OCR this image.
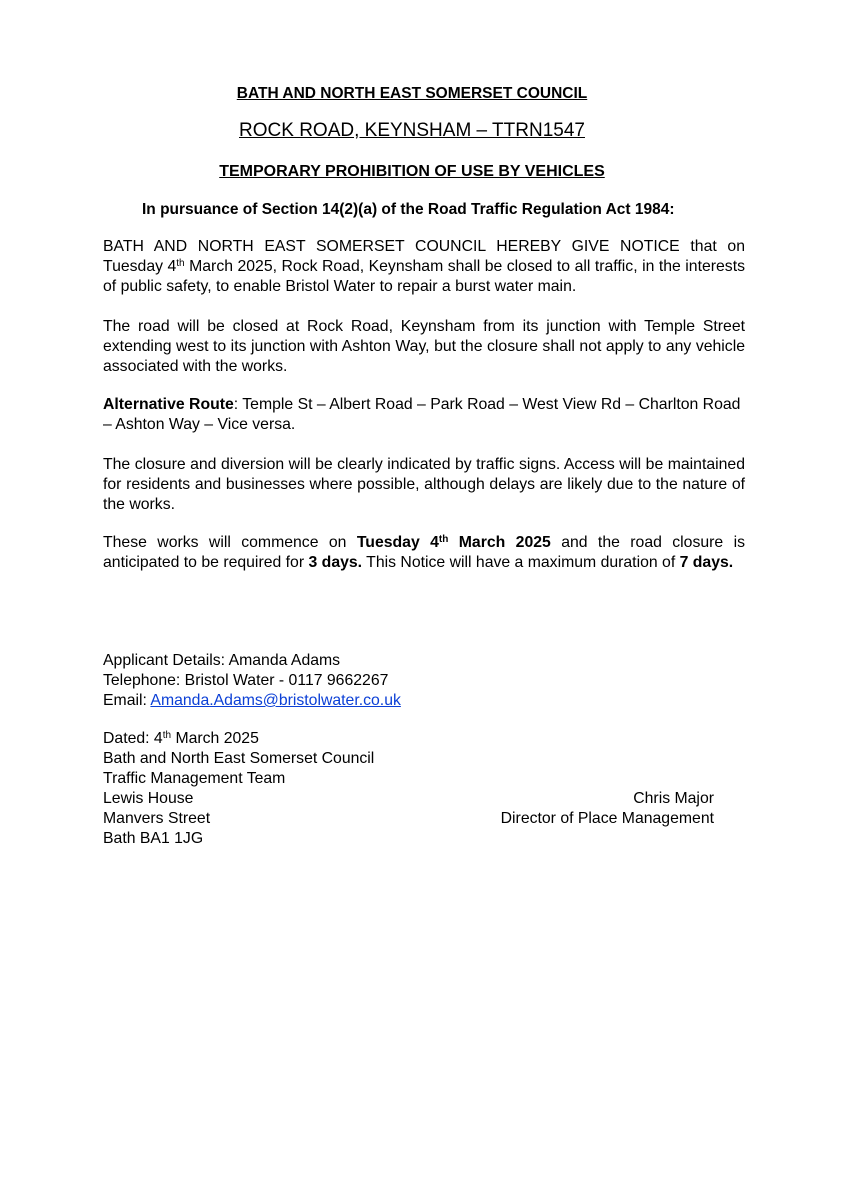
BATH AND NORTH EAST SOMERSET COUNCIL
ROCK ROAD, KEYNSHAM – TTRN1547
TEMPORARY PROHIBITION OF USE BY VEHICLES
In pursuance of Section 14(2)(a) of the Road Traffic Regulation Act 1984:
BATH AND NORTH EAST SOMERSET COUNCIL HEREBY GIVE NOTICE that on Tuesday 4th March 2025, Rock Road, Keynsham shall be closed to all traffic, in the interests of public safety, to enable Bristol Water to repair a burst water main.
The road will be closed at Rock Road, Keynsham from its junction with Temple Street extending west to its junction with Ashton Way, but the closure shall not apply to any vehicle associated with the works.
Alternative Route: Temple St – Albert Road – Park Road – West View Rd – Charlton Road – Ashton Way – Vice versa.
The closure and diversion will be clearly indicated by traffic signs. Access will be maintained for residents and businesses where possible, although delays are likely due to the nature of the works.
These works will commence on Tuesday 4th March 2025 and the road closure is anticipated to be required for 3 days. This Notice will have a maximum duration of 7 days.
Applicant Details: Amanda Adams
Telephone: Bristol Water - 0117 9662267
Email: Amanda.Adams@bristolwater.co.uk
Dated: 4th March 2025
Bath and North East Somerset Council
Traffic Management Team
Lewis House
Manvers Street
Bath BA1 1JG
Chris Major
Director of Place Management
